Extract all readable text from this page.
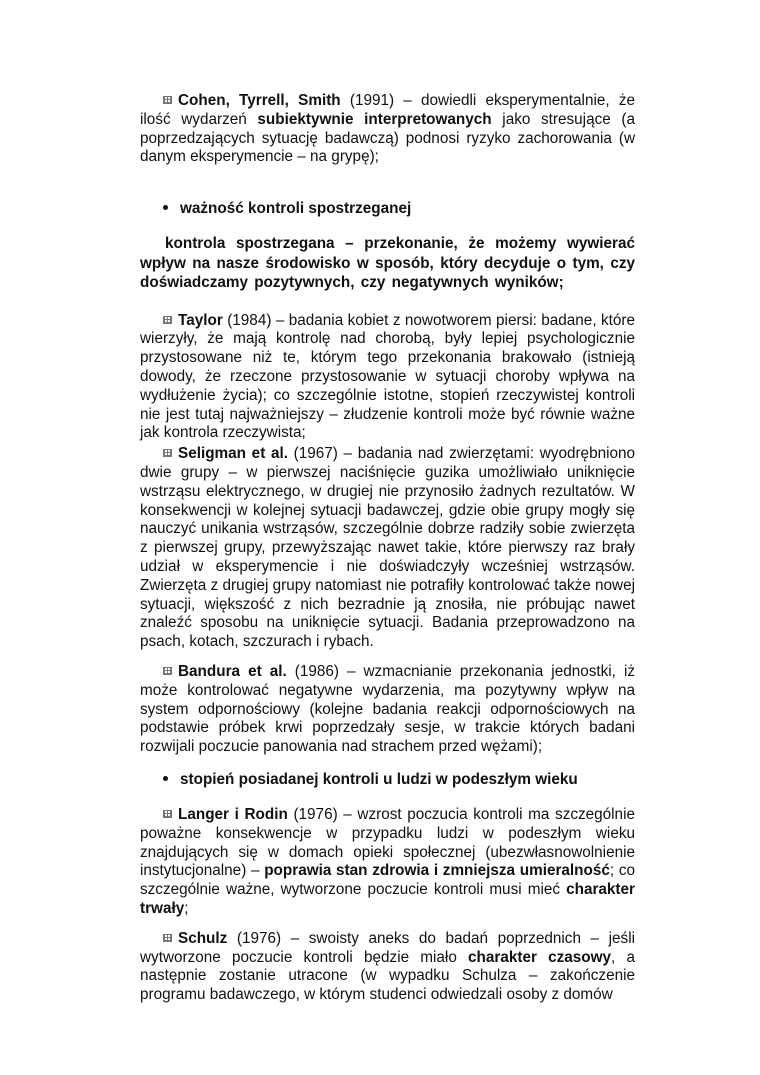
Cohen, Tyrrell, Smith (1991) – dowiedli eksperymentalnie, że ilość wydarzeń subiektywnie interpretowanych jako stresujące (a poprzedzających sytuację badawczą) podnosi ryzyko zachorowania (w danym eksperymencie – na grypę);

ważność kontroli spostrzeganej

kontrola spostrzegana – przekonanie, że możemy wywierać wpływ na nasze środowisko w sposób, który decyduje o tym, czy doświadczamy pozytywnych, czy negatywnych wyników;

Taylor (1984) – badania kobiet z nowotworem piersi: badane, które wierzyły, że mają kontrolę nad chorobą, były lepiej psychologicznie przystosowane niż te, którym tego przekonania brakowało (istnieją dowody, że rzeczone przystosowanie w sytuacji choroby wpływa na wydłużenie życia); co szczególnie istotne, stopień rzeczywistej kontroli nie jest tutaj najważniejszy – złudzenie kontroli może być równie ważne jak kontrola rzeczywista;

Seligman et al. (1967) – badania nad zwierzętami: wyodrębniono dwie grupy – w pierwszej naciśnięcie guzika umożliwiało uniknięcie wstrząsu elektrycznego, w drugiej nie przynosiło żadnych rezultatów. W konsekwencji w kolejnej sytuacji badawczej, gdzie obie grupy mogły się nauczyć unikania wstrząsów, szczególnie dobrze radziły sobie zwierzęta z pierwszej grupy, przewyższając nawet takie, które pierwszy raz brały udział w eksperymencie i nie doświadczyły wcześniej wstrząsów. Zwierzęta z drugiej grupy natomiast nie potrafiły kontrolować także nowej sytuacji, większość z nich bezradnie ją znosiła, nie próbując nawet znaleźć sposobu na uniknięcie sytuacji. Badania przeprowadzono na psach, kotach, szczurach i rybach.

Bandura et al. (1986) – wzmacnianie przekonania jednostki, iż może kontrolować negatywne wydarzenia, ma pozytywny wpływ na system odpornościowy (kolejne badania reakcji odpornościowych na podstawie próbek krwi poprzedzały sesje, w trakcie których badani rozwijali poczucie panowania nad strachem przed wężami);

stopień posiadanej kontroli u ludzi w podeszłym wieku

Langer i Rodin (1976) – wzrost poczucia kontroli ma szczególnie poważne konsekwencje w przypadku ludzi w podeszłym wieku znajdujących się w domach opieki społecznej (ubezwłasnowolnienie instytucjonalne) – poprawia stan zdrowia i zmniejsza umieralność; co szczególnie ważne, wytworzone poczucie kontroli musi mieć charakter trwały;

Schulz (1976) – swoisty aneks do badań poprzednich – jeśli wytworzone poczucie kontroli będzie miało charakter czasowy, a następnie zostanie utracone (w wypadku Schulza – zakończenie programu badawczego, w którym studenci odwiedzali osoby z domów
